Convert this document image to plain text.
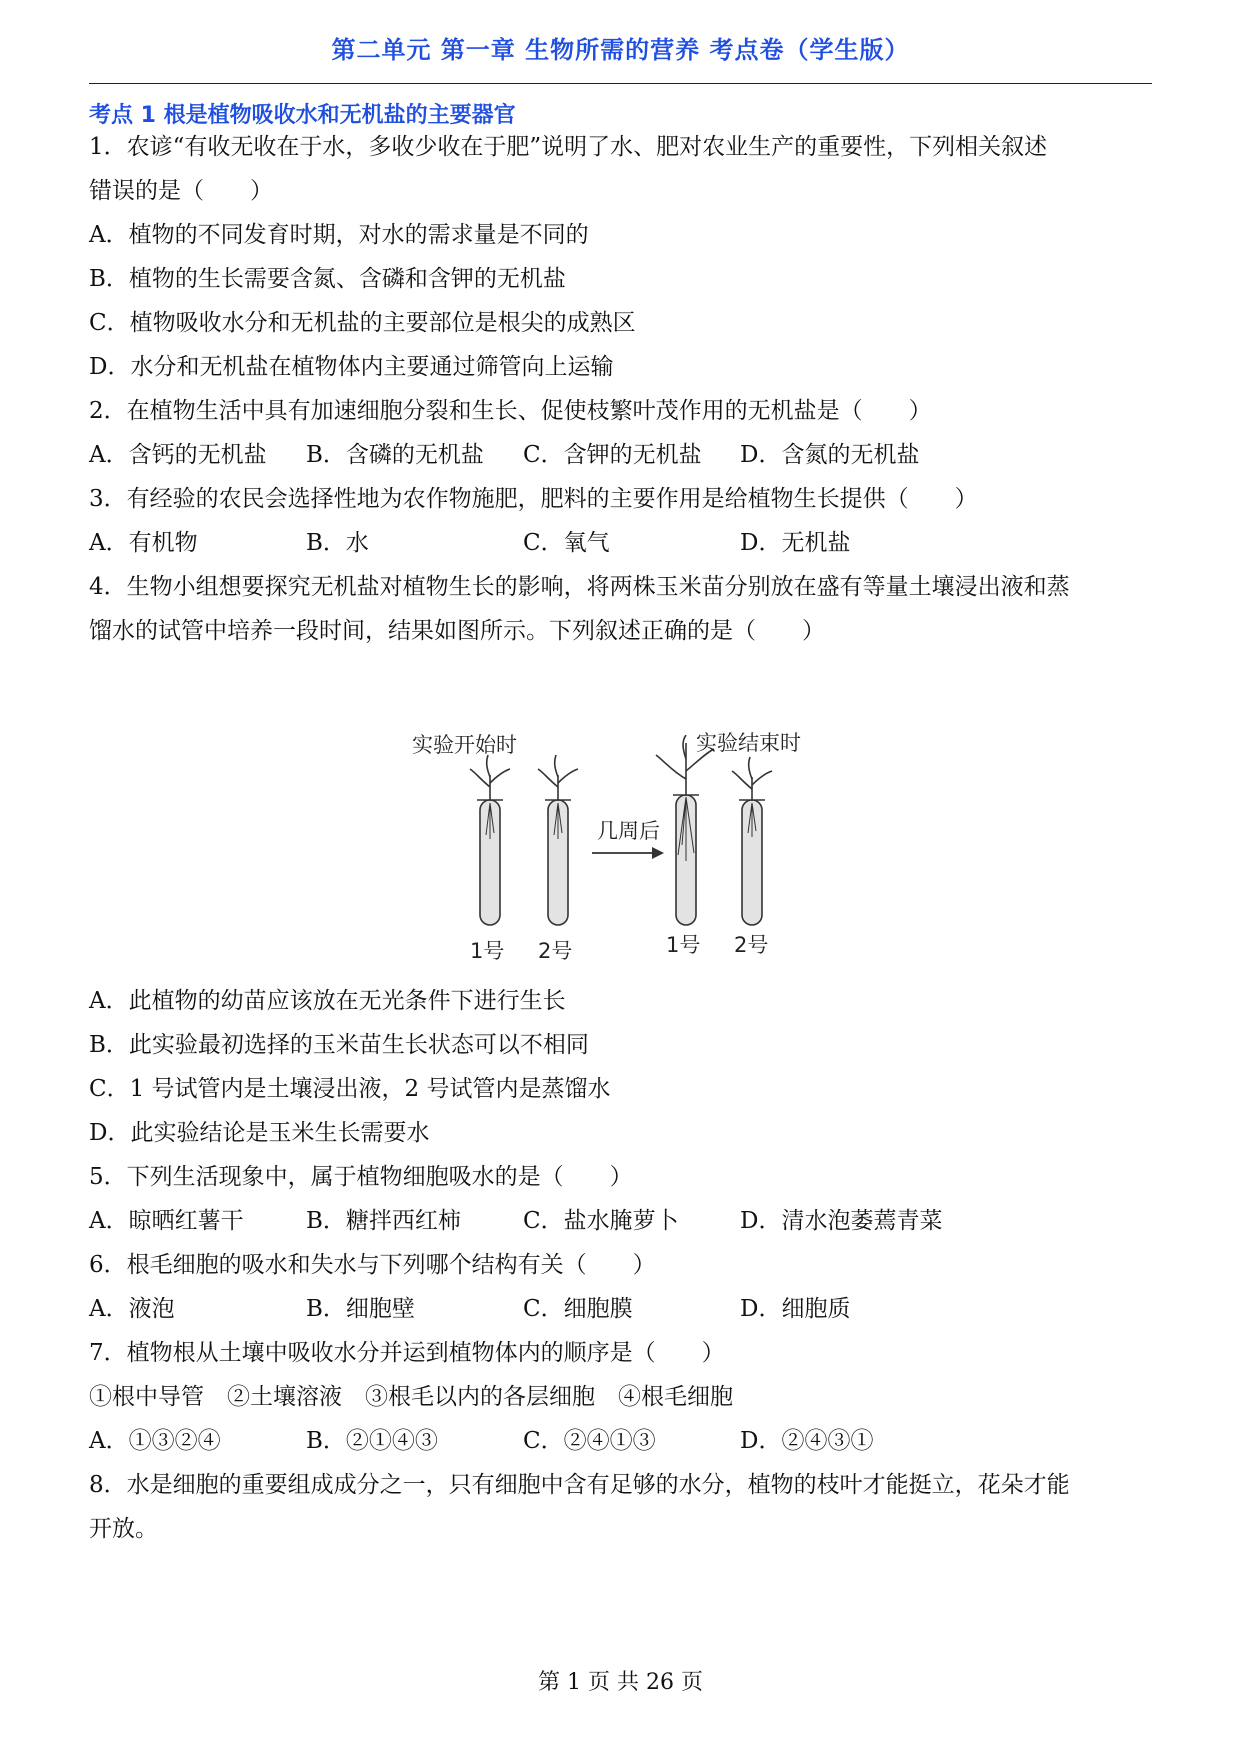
第二单元 第一章 生物所需的营养 考点卷（学生版）
考点 1 根是植物吸收水和无机盐的主要器官
1．农谚“有收无收在于水，多收少收在于肥”说明了水、肥对农业生产的重要性，下列相关叙述
错误的是（　　）
A．植物的不同发育时期，对水的需求量是不同的
B．植物的生长需要含氮、含磷和含钾的无机盐
C．植物吸收水分和无机盐的主要部位是根尖的成熟区
D．水分和无机盐在植物体内主要通过筛管向上运输
2．在植物生活中具有加速细胞分裂和生长、促使枝繁叶茂作用的无机盐是（　　）
A．含钙的无机盐 B．含磷的无机盐 C．含钾的无机盐 D．含氮的无机盐
3．有经验的农民会选择性地为农作物施肥，肥料的主要作用是给植物生长提供（　　）
A．有机物	B．水	C．氧气	D．无机盐
4．生物小组想要探究无机盐对植物生长的影响，将两株玉米苗分别放在盛有等量土壤浸出液和蒸
馏水的试管中培养一段时间，结果如图所示。下列叙述正确的是（　　）
实验开始时	实验结束时
几周后
1号 2号	1号 2号
A．此植物的幼苗应该放在无光条件下进行生长
B．此实验最初选择的玉米苗生长状态可以不相同
C．1 号试管内是土壤浸出液，2 号试管内是蒸馏水
D．此实验结论是玉米生长需要水
5．下列生活现象中，属于植物细胞吸水的是（　　）
A．晾晒红薯干	B．糖拌西红柿	C．盐水腌萝卜	D．清水泡萎蔫青菜
6．根毛细胞的吸水和失水与下列哪个结构有关（　　）
A．液泡	B．细胞壁	C．细胞膜	D．细胞质
7．植物根从土壤中吸收水分并运到植物体内的顺序是（　　）
①根中导管　②土壤溶液　③根毛以内的各层细胞　④根毛细胞
A．①③②④	B．②①④③	C．②④①③	D．②④③①
8．水是细胞的重要组成成分之一，只有细胞中含有足够的水分，植物的枝叶才能挺立，花朵才能
开放。
第 1 页 共 26 页
